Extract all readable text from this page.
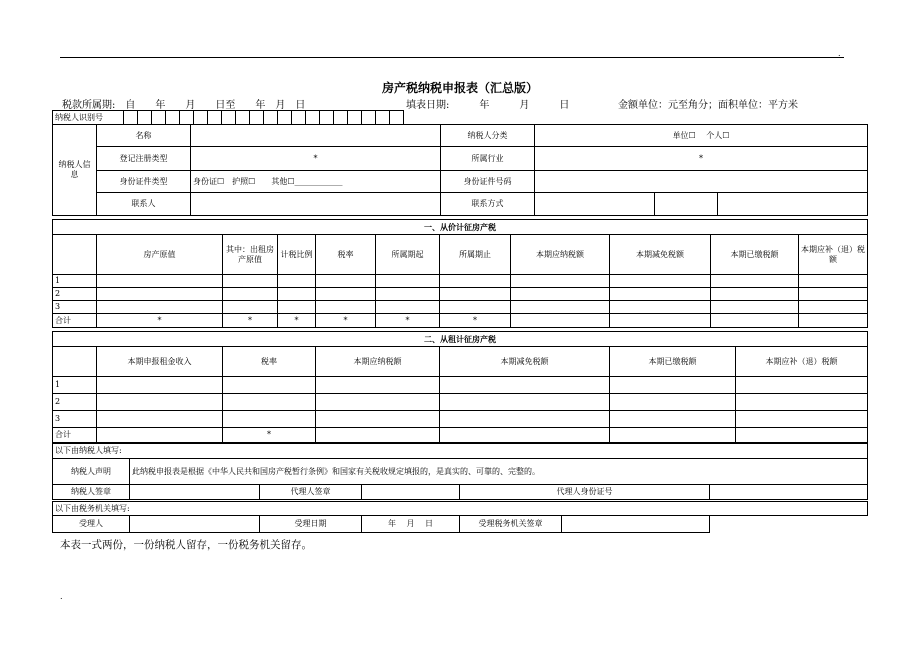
.
.
房产税纳税申报表（汇总版）
税款所属期:　自　　年　　月　　日至　　年　月　日	填表日期:　　　年　　　月　　　日	金额单位：元至角分；面积单位：平方米
纳税人识别号																				
纳税人信息	名称		纳税人分类	单位☐　 个人☐		
	登记注册类型	*	所属行业	*		
	身份证件类型	身份证☐　护照☐　　其他☐____________	身份证件号码			
	联系人		联系方式			
一、从价计征房产税										
	房产原值	其中：出租房产原值	计税比例	税率	所属期起	所属期止	本期应纳税额	本期减免税额	本期已缴税额	本期应补（退）税额
1										
2										
3										
合计	*	*	*	*	*	*				
二、从租计征房产税						
	本期申报租金收入	税率	本期应纳税额	本期减免税额	本期已缴税额	本期应补（退）税额
1						
2						
3						
合计		*				
以下由纳税人填写:					
纳税人声明	此纳税申报表是根据《中华人民共和国房产税暂行条例》和国家有关税收规定填报的，是真实的、可靠的、完整的。				
纳税人签章		代理人签章		代理人身份证号	
以下由税务机关填写:
受理人		受理日期	年　 月　 日	受理税务机关签章		
本表一式两份，一份纳税人留存，一份税务机关留存。
